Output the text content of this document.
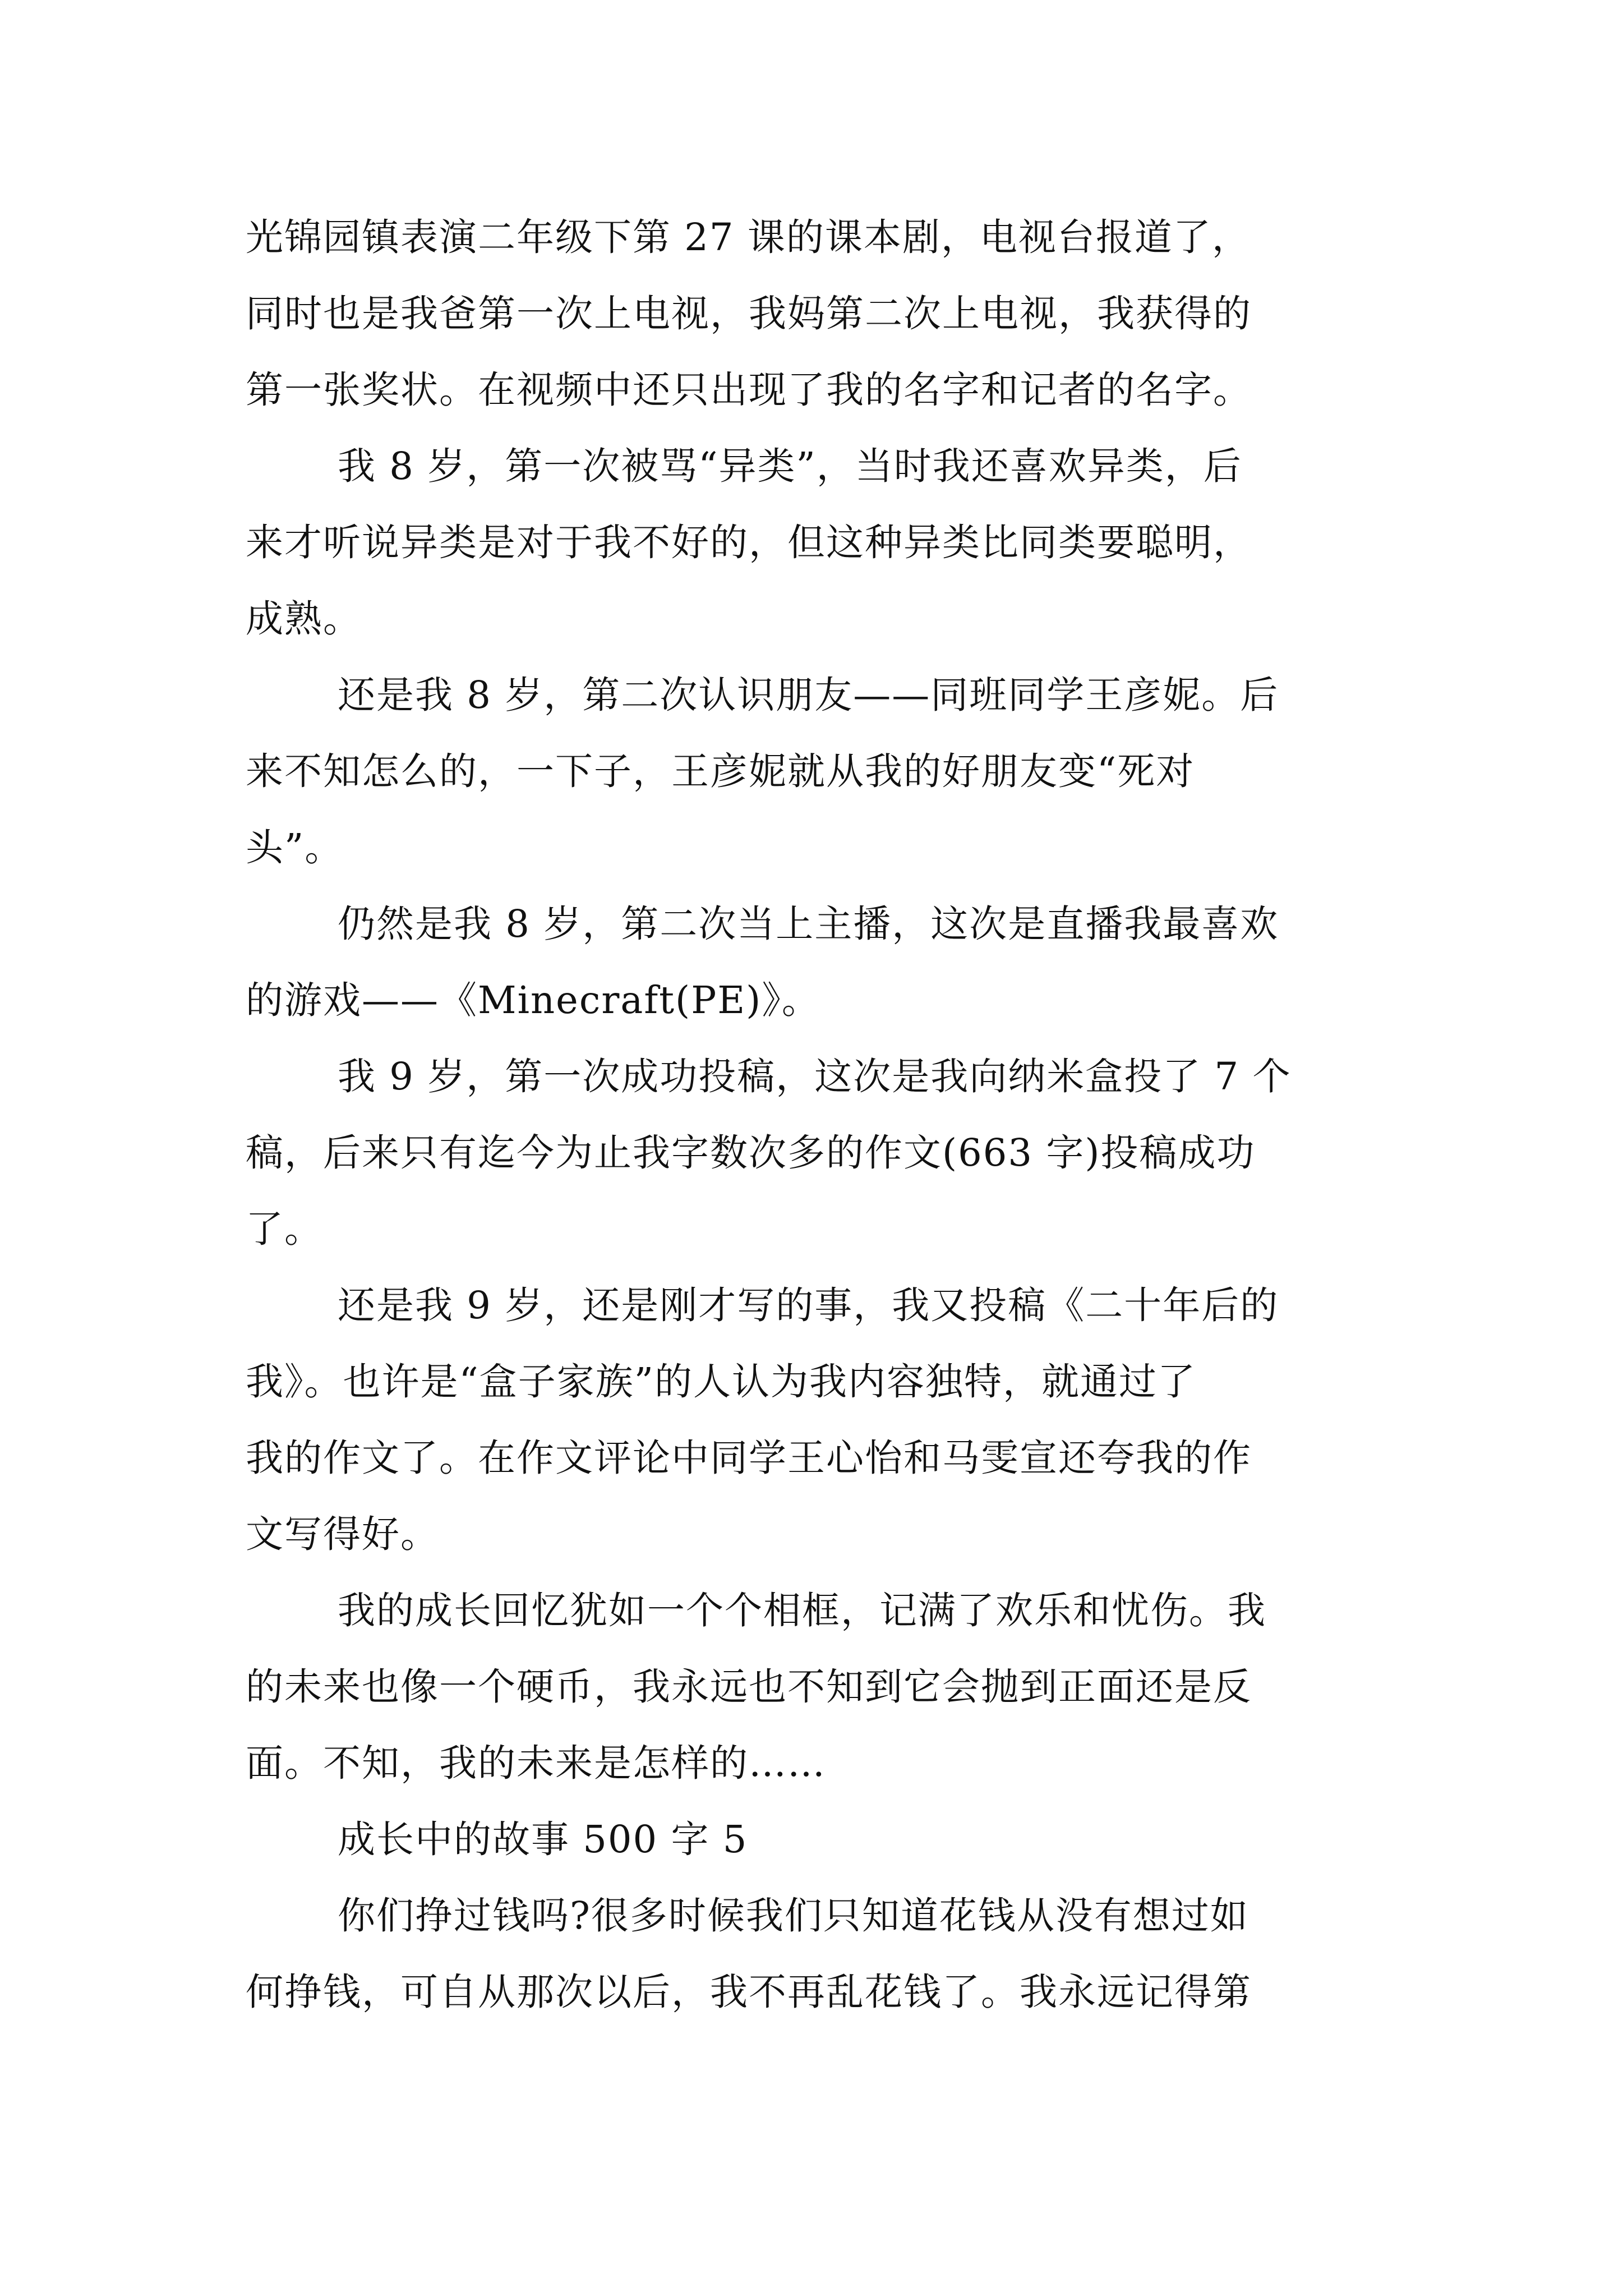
光锦园镇表演二年级下第 27 课的课本剧，电视台报道了，
同时也是我爸第一次上电视，我妈第二次上电视，我获得的
第一张奖状。在视频中还只出现了我的名字和记者的名字。
我 8 岁，第一次被骂“异类”，当时我还喜欢异类，后
来才听说异类是对于我不好的，但这种异类比同类要聪明，
成熟。
还是我 8 岁，第二次认识朋友——同班同学王彦妮。后
来不知怎么的，一下子，王彦妮就从我的好朋友变“死对
头”。
仍然是我 8 岁，第二次当上主播，这次是直播我最喜欢
的游戏——《Minecraft(PE)》。
我 9 岁，第一次成功投稿，这次是我向纳米盒投了 7 个
稿，后来只有迄今为止我字数次多的作文(663 字)投稿成功
了。
还是我 9 岁，还是刚才写的事，我又投稿《二十年后的
我》。也许是“盒子家族”的人认为我内容独特，就通过了
我的作文了。在作文评论中同学王心怡和马雯宣还夸我的作
文写得好。
我的成长回忆犹如一个个相框，记满了欢乐和忧伤。我
的未来也像一个硬币，我永远也不知到它会抛到正面还是反
面。不知，我的未来是怎样的……
成长中的故事 500 字 5
你们挣过钱吗?很多时候我们只知道花钱从没有想过如
何挣钱，可自从那次以后，我不再乱花钱了。我永远记得第
